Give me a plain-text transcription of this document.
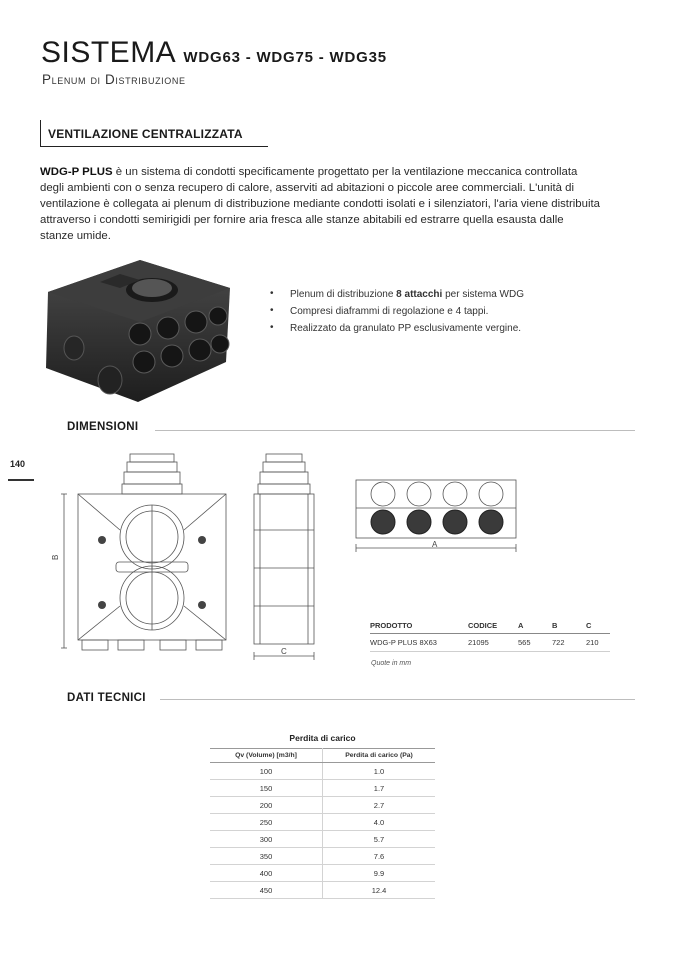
SISTEMA WDG63 - WDG75 - WDG35
Plenum di Distribuzione
VENTILAZIONE CENTRALIZZATA
WDG-P PLUS è un sistema di condotti specificamente progettato per la ventilazione meccanica controllata degli ambienti con o senza recupero di calore, asserviti ad abitazioni o piccole aree commerciali. L'unità di ventilazione è collegata ai plenum di distribuzione mediante condotti isolati e i silenziatori, l'aria viene distribuita attraverso i condotti semirigidi per fornire aria fresca alle stanze abitabili ed estrarre quella esausta dalle stanze umide.
• Plenum di distribuzione 8 attacchi per sistema WDG
• Compresi diaframmi di regolazione e 4 tappi.
• Realizzato da granulato PP esclusivamente vergine.
DIMENSIONI
140
B
C
A
PRODOTTO	CODICE	A	B	C
WDG-P PLUS 8X63	21095	565	722	210
Quote in mm
DATI TECNICI
Perdita di carico
Qv (Volume) [m3/h]	Perdita di carico (Pa)
100	1.0
150	1.7
200	2.7
250	4.0
300	5.7
350	7.6
400	9.9
450	12.4
